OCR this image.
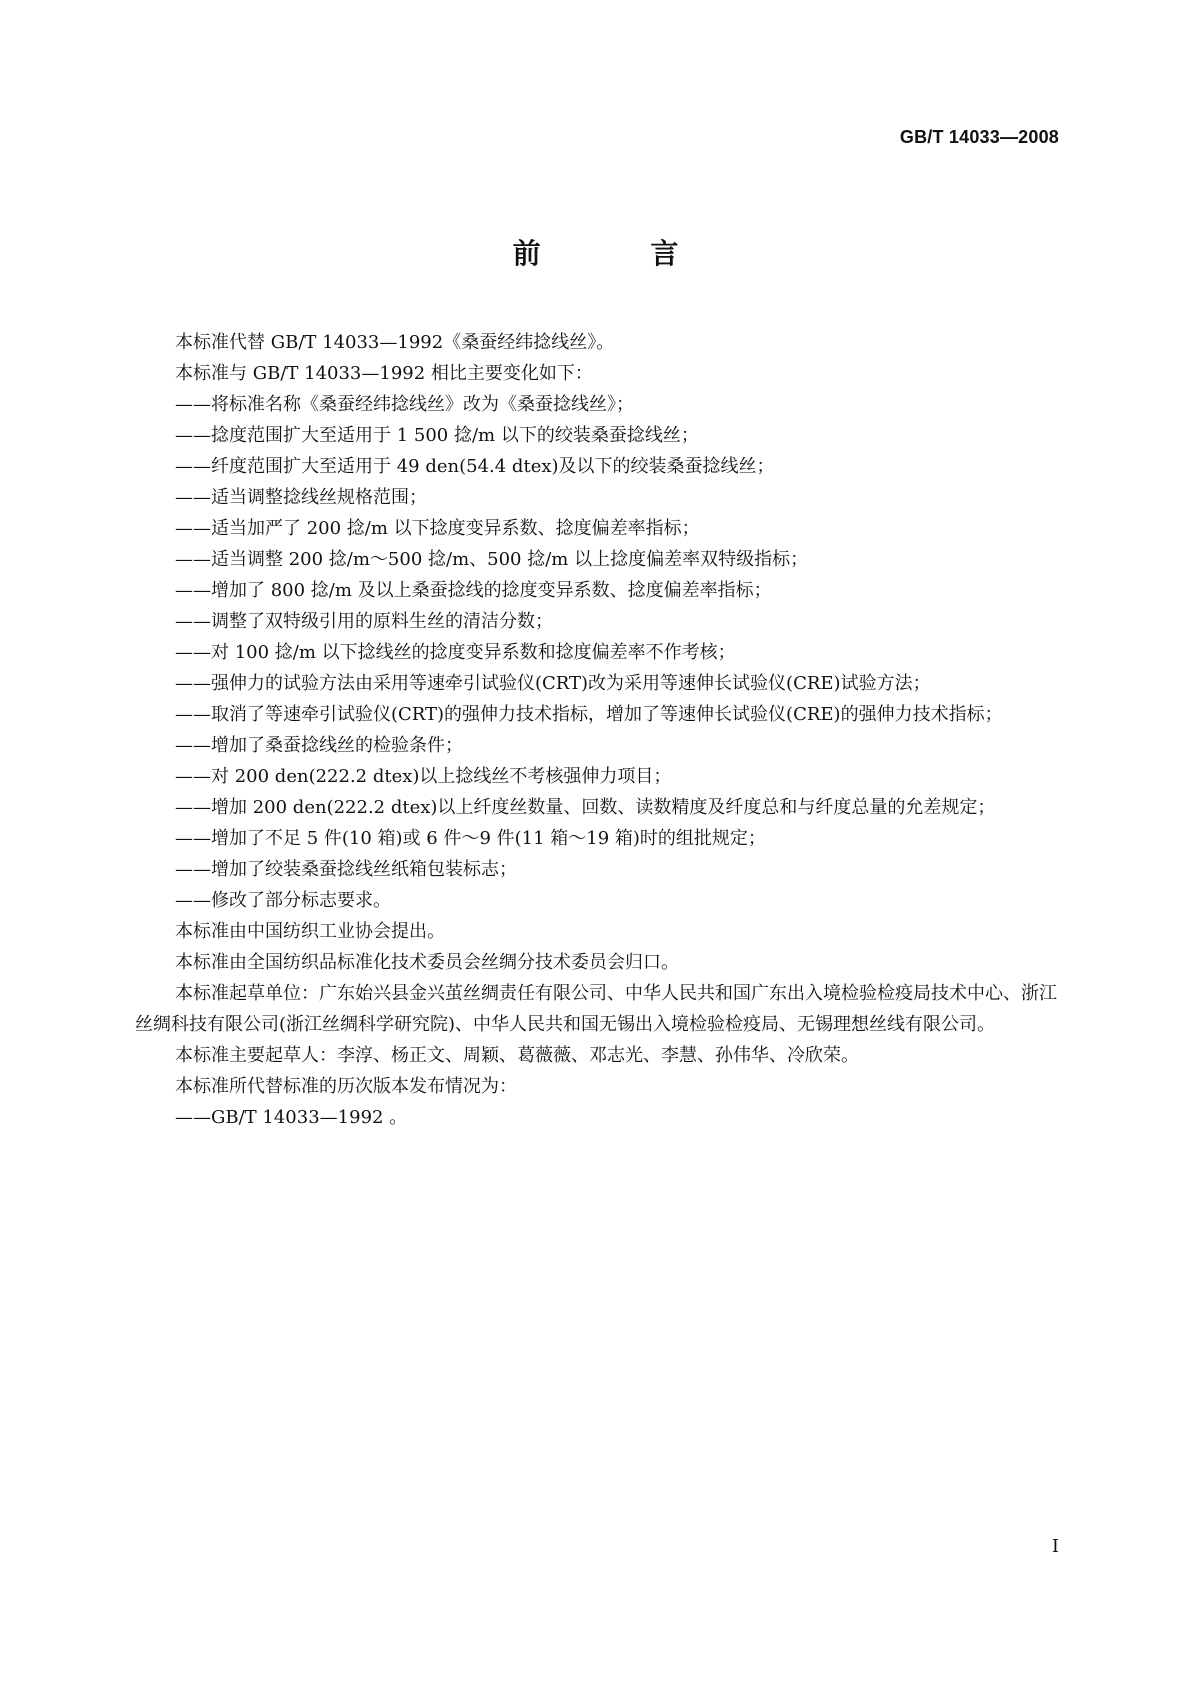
GB/T 14033—2008
前 言

本标准代替 GB/T 14033—1992《桑蚕经纬捻线丝》。

本标准与 GB/T 14033—1992 相比主要变化如下：

——将标准名称《桑蚕经纬捻线丝》改为《桑蚕捻线丝》；

——捻度范围扩大至适用于 1 500 捻/m 以下的绞装桑蚕捻线丝；

——纤度范围扩大至适用于 49 den(54.4 dtex)及以下的绞装桑蚕捻线丝；

——适当调整捻线丝规格范围；

——适当加严了 200 捻/m 以下捻度变异系数、捻度偏差率指标；

——适当调整 200 捻/m～500 捻/m、500 捻/m 以上捻度偏差率双特级指标；

——增加了 800 捻/m 及以上桑蚕捻线的捻度变异系数、捻度偏差率指标；

——调整了双特级引用的原料生丝的清洁分数；

——对 100 捻/m 以下捻线丝的捻度变异系数和捻度偏差率不作考核；

——强伸力的试验方法由采用等速牵引试验仪(CRT)改为采用等速伸长试验仪(CRE)试验方法；

——取消了等速牵引试验仪(CRT)的强伸力技术指标，增加了等速伸长试验仪(CRE)的强伸力技术指标；

——增加了桑蚕捻线丝的检验条件；

——对 200 den(222.2 dtex)以上捻线丝不考核强伸力项目；

——增加 200 den(222.2 dtex)以上纤度丝数量、回数、读数精度及纤度总和与纤度总量的允差规定；

——增加了不足 5 件(10 箱)或 6 件～9 件(11 箱～19 箱)时的组批规定；

——增加了绞装桑蚕捻线丝纸箱包装标志；

——修改了部分标志要求。

本标准由中国纺织工业协会提出。

本标准由全国纺织品标准化技术委员会丝绸分技术委员会归口。

本标准起草单位：广东始兴县金兴茧丝绸责任有限公司、中华人民共和国广东出入境检验检疫局技术中心、浙江丝绸科技有限公司(浙江丝绸科学研究院)、中华人民共和国无锡出入境检验检疫局、无锡理想丝线有限公司。

本标准主要起草人：李淳、杨正文、周颖、葛薇薇、邓志光、李慧、孙伟华、冷欣荣。

本标准所代替标准的历次版本发布情况为：

——GB/T 14033—1992 。

I
